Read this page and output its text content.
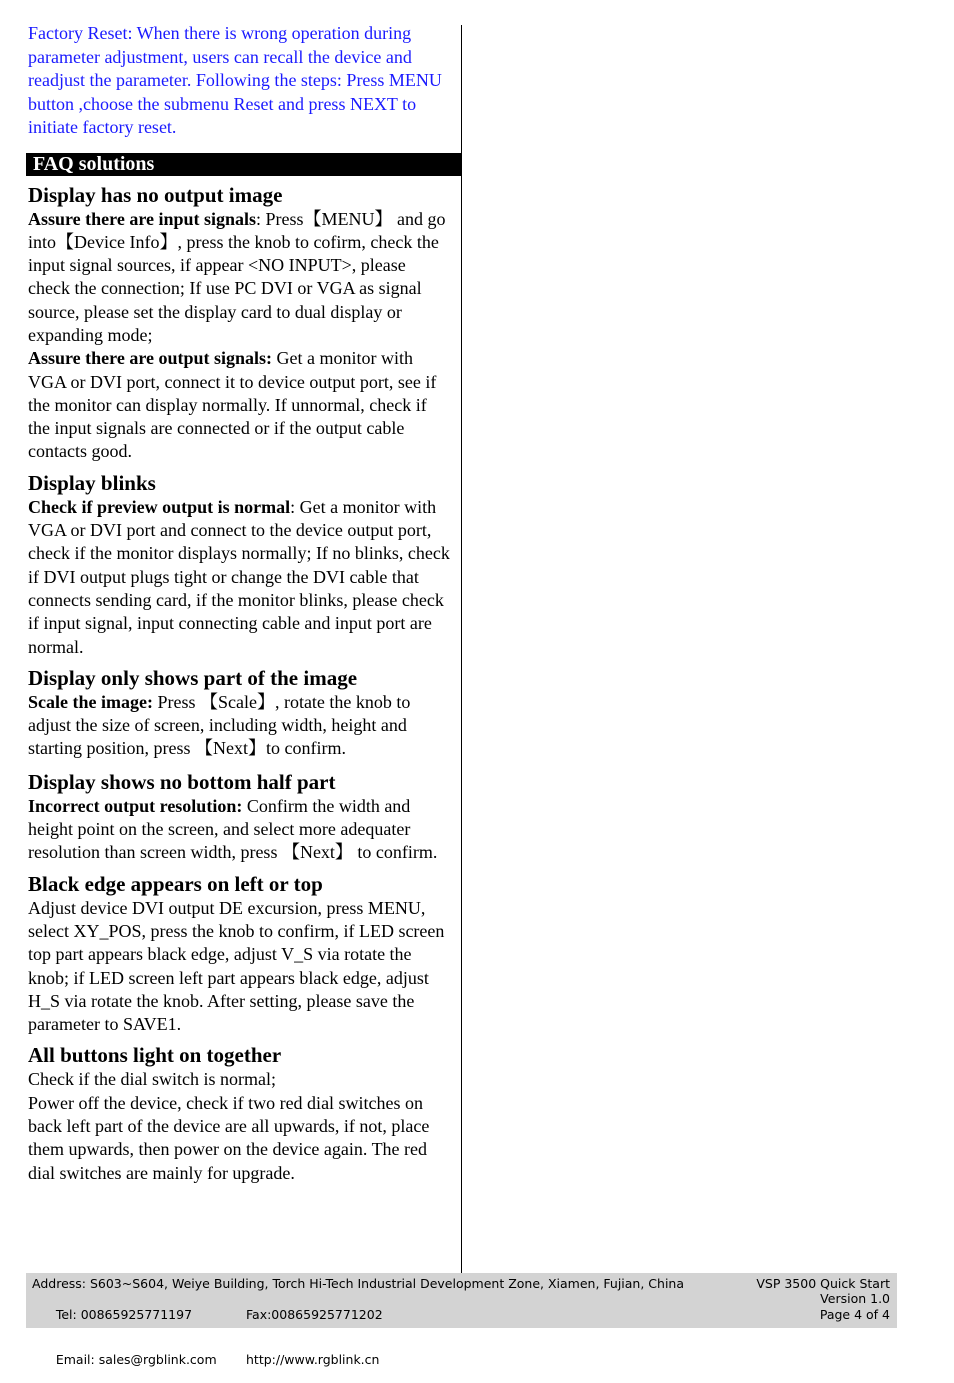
Factory Reset: When there is wrong operation during parameter adjustment, users can recall the device and readjust the parameter. Following the steps: Press MENU button ,choose the submenu Reset and press NEXT to initiate factory reset.

FAQ solutions
Display has no output image

Assure there are input signals: Press【MENU】 and go into【Device Info】, press the knob to cofirm, check the input signal sources, if appear <NO INPUT>, please check the connection; If use PC DVI or VGA as signal source, please set the display card to dual display or expanding mode;

Assure there are output signals: Get a monitor with VGA or DVI port, connect it to device output port, see if the monitor can display normally. If unnormal, check if the input signals are connected or if the output cable contacts good.

Display blinks

Check if preview output is normal: Get a monitor with VGA or DVI port and connect to the device output port, check if the monitor displays normally; If no blinks, check if DVI output plugs tight or change the DVI cable that connects sending card, if the monitor blinks, please check if input signal, input connecting cable and input port are normal.

Display only shows part of the image

Scale the image: Press 【Scale】, rotate the knob to adjust the size of screen, including width, height and starting position, press 【Next】to confirm.

Display shows no bottom half part

Incorrect output resolution: Confirm the width and height point on the screen, and select more adequater resolution than screen width, press 【Next】 to confirm.

Black edge appears on left or top

Adjust device DVI output DE excursion, press MENU, select XY_POS, press the knob to confirm, if LED screen top part appears black edge, adjust V_S via rotate the knob; if LED screen left part appears black edge, adjust H_S via rotate the knob. After setting, please save the parameter to SAVE1.

All buttons light on together

Check if the dial switch is normal;

Power off the device, check if two red dial switches on back left part of the device are all upwards, if not, place them upwards, then power on the device again. The red dial switches are mainly for upgrade.

Address: S603~S604, Weiye Building, Torch Hi-Tech Industrial Development Zone, Xiamen, Fujian, China

Tel: 00865925771197	Fax:00865925771202

Email: sales@rgblink.com http://www.rgblink.cn

VSP 3500 Quick Start
Version 1.0
Page 4 of 4
